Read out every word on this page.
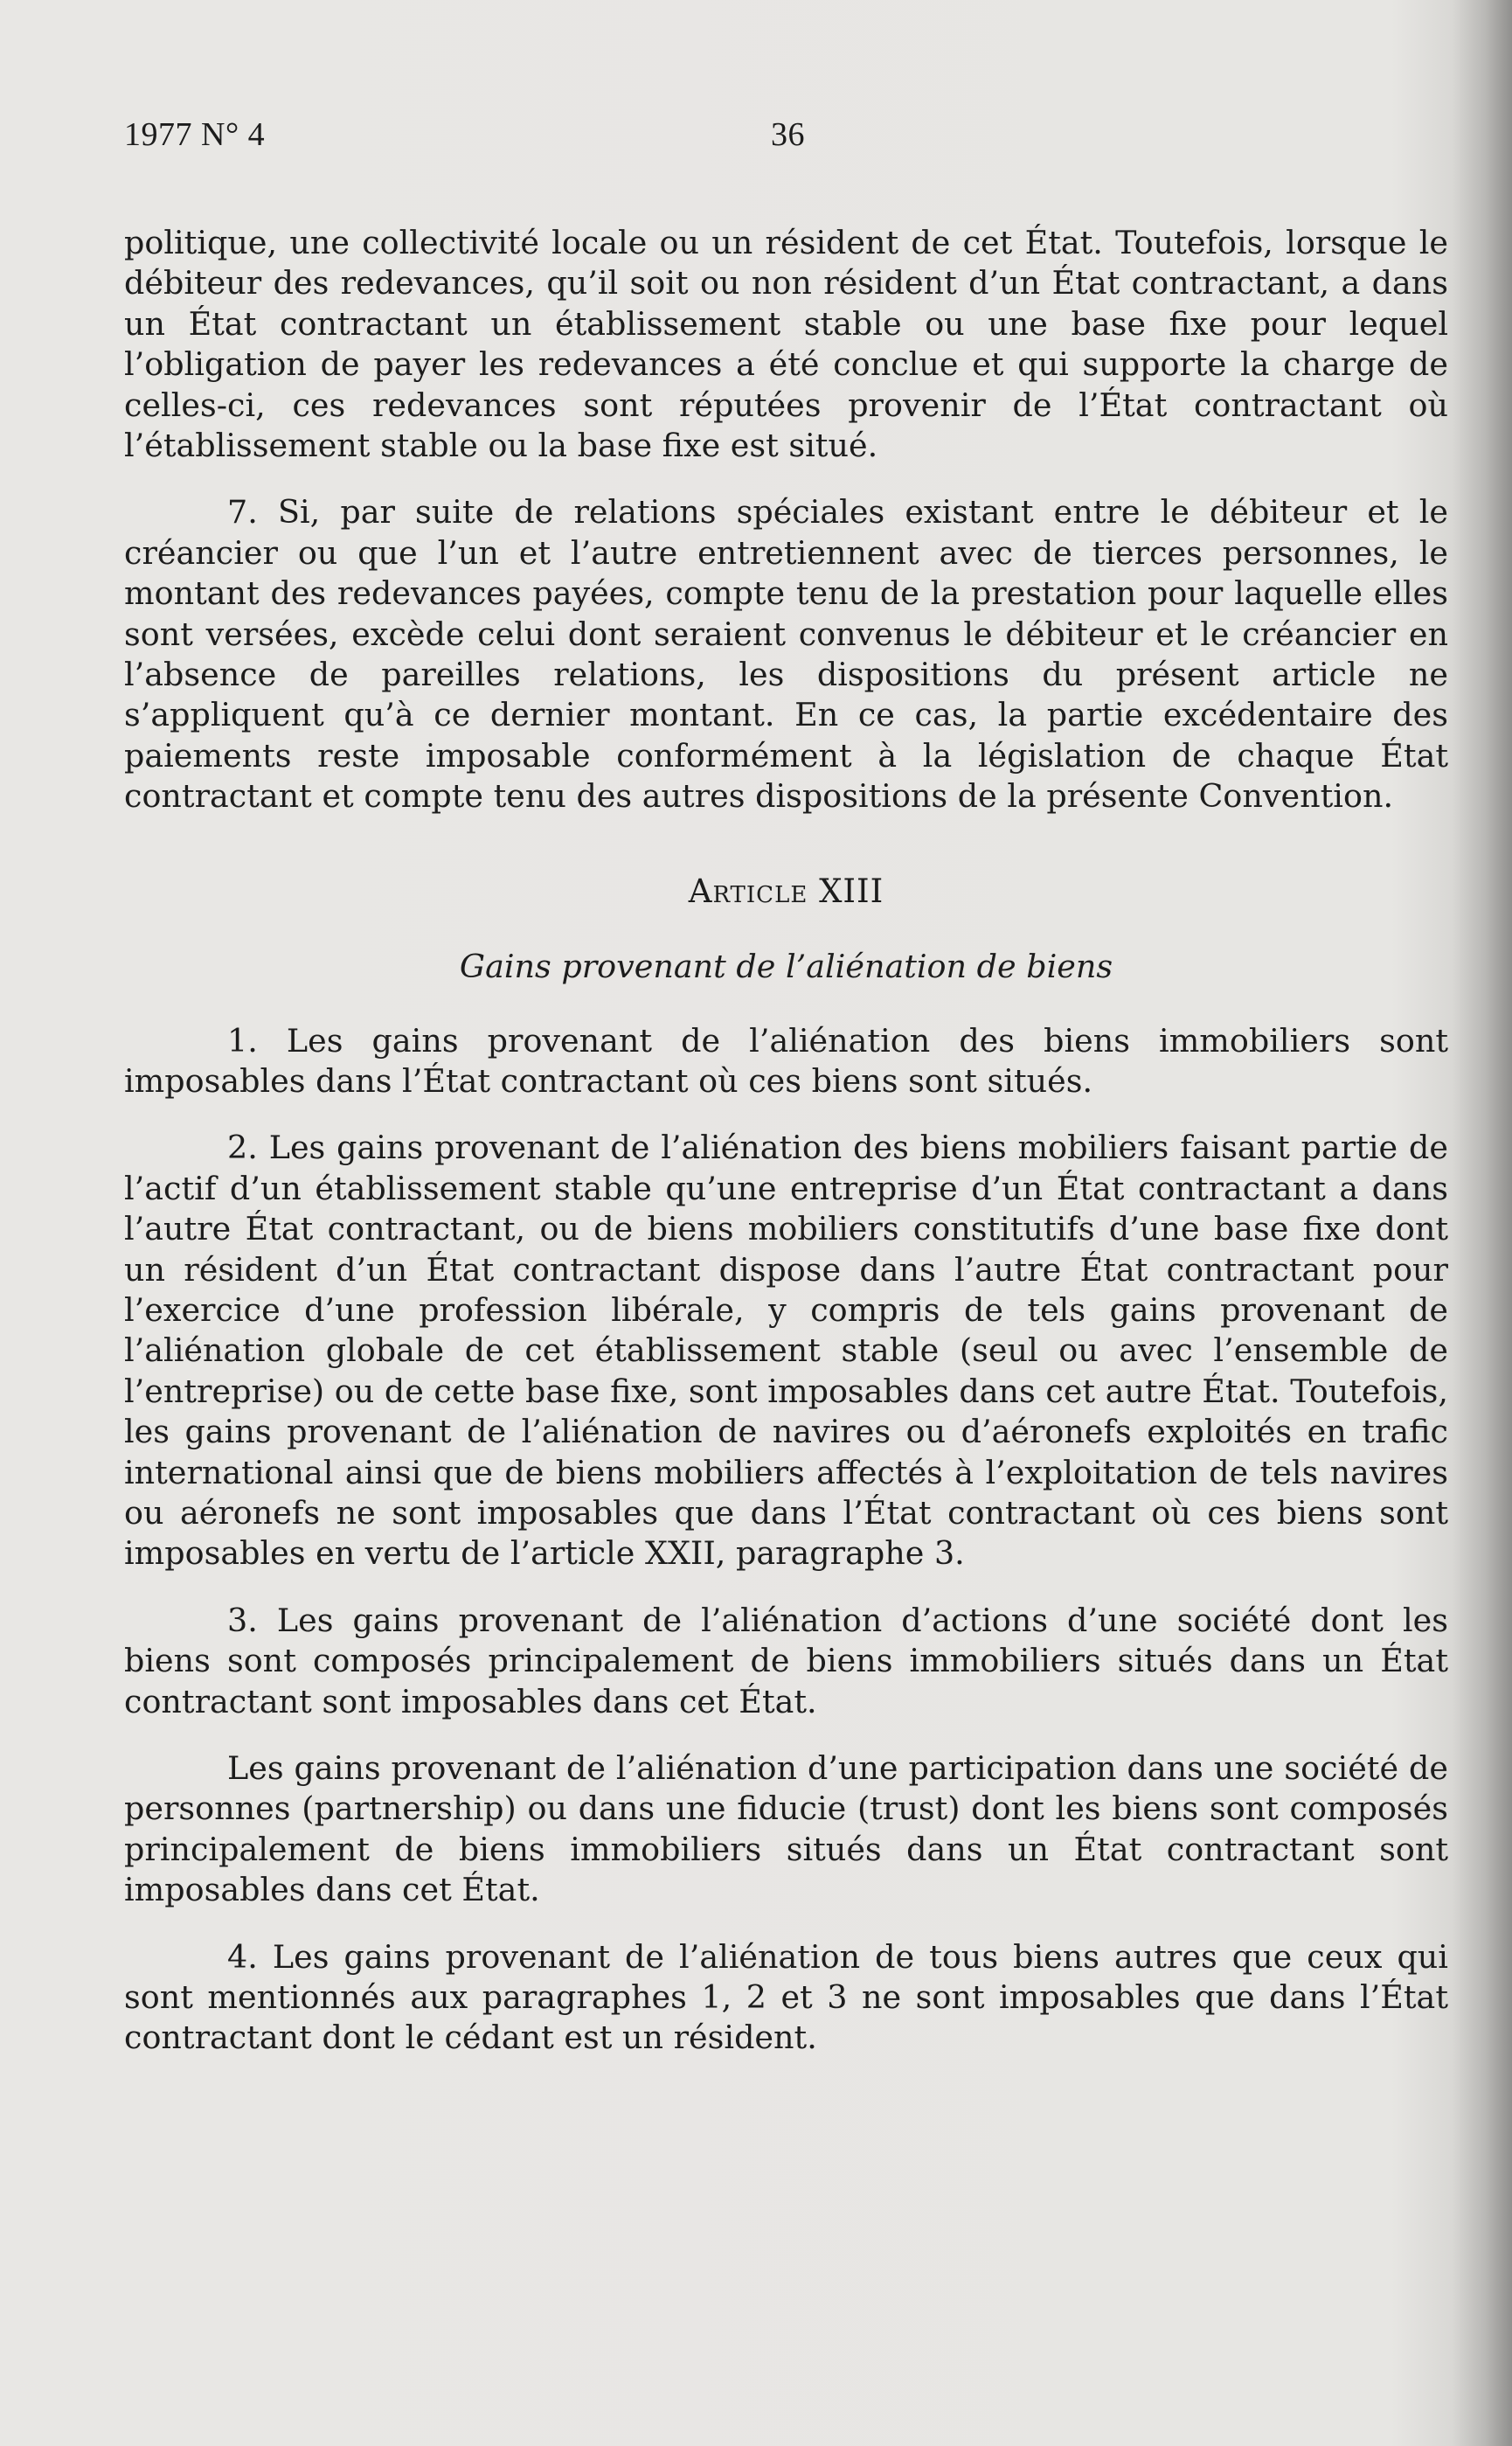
1977 N° 4	36

politique, une collectivité locale ou un résident de cet État. Toutefois, lorsque le débiteur des redevances, qu’il soit ou non résident d’un État contractant, a dans un État contractant un établissement stable ou une base fixe pour lequel l’obligation de payer les redevances a été conclue et qui supporte la charge de celles-ci, ces redevances sont réputées provenir de l’État contractant où l’établissement stable ou la base fixe est situé.

7. Si, par suite de relations spéciales existant entre le débiteur et le créancier ou que l’un et l’autre entretiennent avec de tierces personnes, le montant des redevances payées, compte tenu de la prestation pour laquelle elles sont versées, excède celui dont seraient convenus le débiteur et le créancier en l’absence de pareilles relations, les dispositions du présent article ne s’appliquent qu’à ce dernier montant. En ce cas, la partie excédentaire des paiements reste imposable conformément à la législation de chaque État contractant et compte tenu des autres dispositions de la présente Convention.

Article XIII
Gains provenant de l’aliénation de biens

1. Les gains provenant de l’aliénation des biens immobiliers sont imposables dans l’État contractant où ces biens sont situés.

2. Les gains provenant de l’aliénation des biens mobiliers faisant partie de l’actif d’un établissement stable qu’une entreprise d’un État contractant a dans l’autre État contractant, ou de biens mobiliers constitutifs d’une base fixe dont un résident d’un État contractant dispose dans l’autre État contractant pour l’exercice d’une profession libérale, y compris de tels gains provenant de l’aliénation globale de cet établissement stable (seul ou avec l’ensemble de l’entreprise) ou de cette base fixe, sont imposables dans cet autre État. Toutefois, les gains provenant de l’aliénation de navires ou d’aéronefs exploités en trafic international ainsi que de biens mobiliers affectés à l’exploitation de tels navires ou aéronefs ne sont imposables que dans l’État contractant où ces biens sont imposables en vertu de l’article XXII, paragraphe 3.

3. Les gains provenant de l’aliénation d’actions d’une société dont les biens sont composés principalement de biens immobiliers situés dans un État contractant sont imposables dans cet État.

Les gains provenant de l’aliénation d’une participation dans une société de personnes (partnership) ou dans une fiducie (trust) dont les biens sont composés principalement de biens immobiliers situés dans un État contractant sont imposables dans cet État.

4. Les gains provenant de l’aliénation de tous biens autres que ceux qui sont mentionnés aux paragraphes 1, 2 et 3 ne sont imposables que dans l’État contractant dont le cédant est un résident.
